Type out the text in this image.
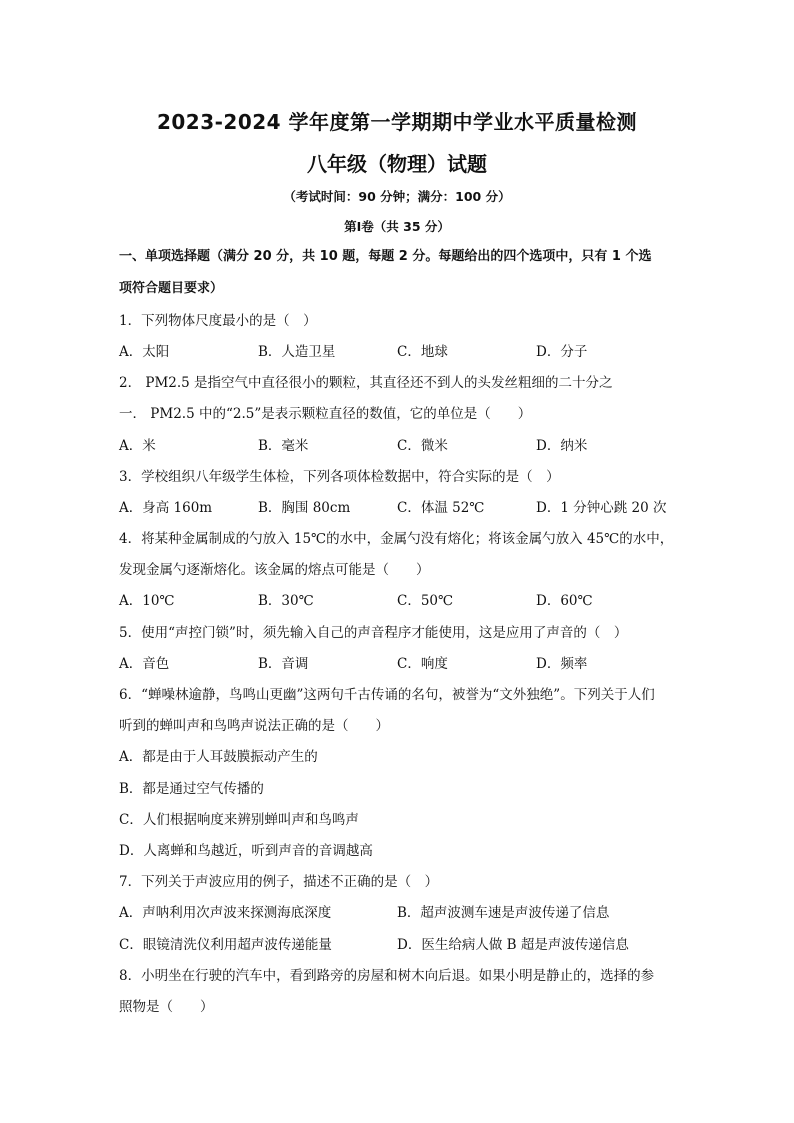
2023-2024 学年度第一学期期中学业水平质量检测
八年级（物理）试题
（考试时间：90 分钟；满分：100 分）
第Ⅰ卷（共 35 分）
一、单项选择题（满分 20 分，共 10 题，每题 2 分。每题给出的四个选项中，只有 1 个选
项符合题目要求）
1．下列物体尺度最小的是（　）
A．太阳	B．人造卫星	C．地球	D．分子
2． PM2.5 是指空气中直径很小的颗粒，其直径还不到人的头发丝粗细的二十分之
一． PM2.5 中的“2.5”是表示颗粒直径的数值，它的单位是（　　）
A．米	B．毫米	C．微米	D．纳米
3．学校组织八年级学生体检，下列各项体检数据中，符合实际的是（　）
A．身高 160m	B．胸围 80cm	C．体温 52℃	D．1 分钟心跳 20 次
4．将某种金属制成的勺放入 15℃的水中，金属勺没有熔化；将该金属勺放入 45℃的水中，
发现金属勺逐渐熔化。该金属的熔点可能是（　　）
A．10℃	B．30℃	C．50℃	D．60℃
5．使用“声控门锁”时，须先输入自己的声音程序才能使用，这是应用了声音的（　）
A．音色	B．音调	C．响度	D．频率
6．“蝉噪林逾静，鸟鸣山更幽”这两句千古传诵的名句，被誉为“文外独绝”。下列关于人们
听到的蝉叫声和鸟鸣声说法正确的是（　　）
A．都是由于人耳鼓膜振动产生的
B．都是通过空气传播的
C．人们根据响度来辨别蝉叫声和鸟鸣声
D．人离蝉和鸟越近，听到声音的音调越高
7．下列关于声波应用的例子，描述不正确的是（　）
A．声呐利用次声波来探测海底深度	B．超声波测车速是声波传递了信息
C．眼镜清洗仪利用超声波传递能量	D．医生给病人做 B 超是声波传递信息
8．小明坐在行驶的汽车中，看到路旁的房屋和树木向后退。如果小明是静止的，选择的参
照物是（　　）
